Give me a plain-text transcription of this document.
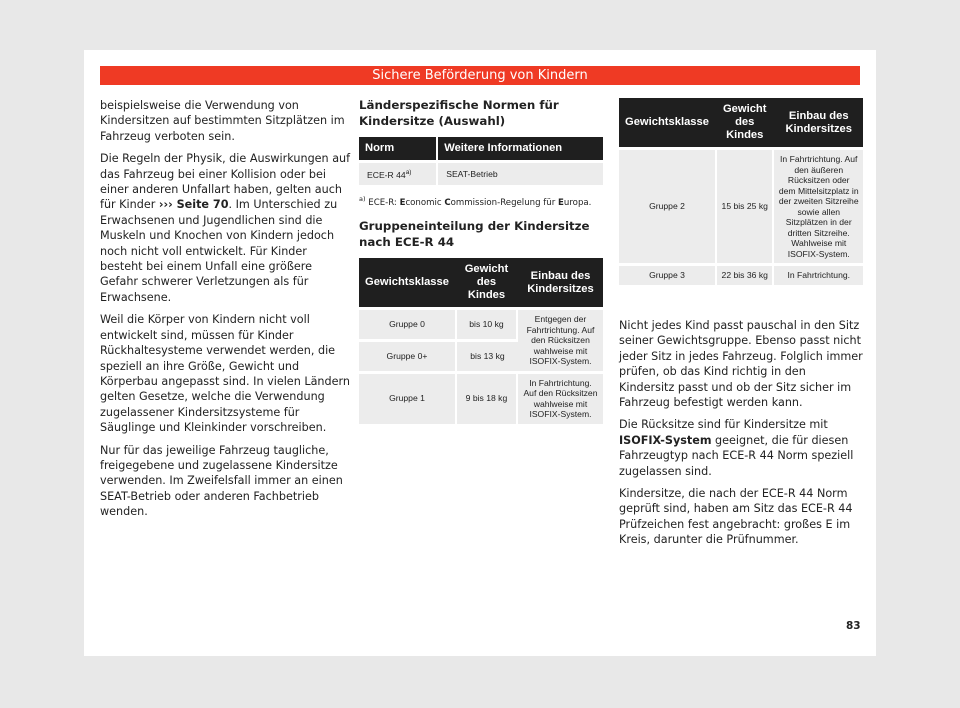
Sichere Beförderung von Kindern

beispielsweise die Verwendung von Kindersitzen auf bestimmten Sitzplätzen im Fahrzeug verboten sein.

Die Regeln der Physik, die Auswirkungen auf das Fahrzeug bei einer Kollision oder bei einer anderen Unfallart haben, gelten auch für Kinder ››› Seite 70. Im Unterschied zu Erwachsenen und Jugendlichen sind die Muskeln und Knochen von Kindern jedoch noch nicht voll entwickelt. Für Kinder besteht bei einem Unfall eine größere Gefahr schwerer Verletzungen als für Erwachsene.

Weil die Körper von Kindern nicht voll entwickelt sind, müssen für Kinder Rückhaltesysteme verwendet werden, die speziell an ihre Größe, Gewicht und Körperbau angepasst sind. In vielen Ländern gelten Gesetze, welche die Verwendung zugelassener Kindersitzsysteme für Säuglinge und Kleinkinder vorschreiben.

Nur für das jeweilige Fahrzeug taugliche, freigegebene und zugelassene Kindersitze verwenden. Im Zweifelsfall immer an einen SEAT-Betrieb oder anderen Fachbetrieb wenden.

Länderspezifische Normen für Kindersitze (Auswahl)
Norm	Weitere Informationen
ECE-R 44$^{a)}$	SEAT-Betrieb
$^{a)}$ ECE-R: Economic Commission-Regelung für Europa.
Gruppeneinteilung der Kindersitze nach ECE-R 44
Gewichtsklasse	Gewicht des Kindes	Einbau des Kindersitzes
Gruppe 0	bis 10 kg	Entgegen der Fahrtrichtung. Auf den Rücksitzen wahlweise mit ISOFIX-System.
Gruppe 0+	bis 13 kg	
Gruppe 1	9 bis 18 kg	In Fahrtrichtung. Auf den Rücksitzen wahlweise mit ISOFIX-System.
Gewichtsklasse	Gewicht des Kindes	Einbau des Kindersitzes
Gruppe 2	15 bis 25 kg	In Fahrtrichtung. Auf den äußeren Rücksitzen oder dem Mittelsitzplatz in der zweiten Sitzreihe sowie allen Sitzplätzen in der dritten Sitzreihe. Wahlweise mit ISOFIX-System.
Gruppe 3	22 bis 36 kg	In Fahrtrichtung.

Nicht jedes Kind passt pauschal in den Sitz seiner Gewichtsgruppe. Ebenso passt nicht jeder Sitz in jedes Fahrzeug. Folglich immer prüfen, ob das Kind richtig in den Kindersitz passt und ob der Sitz sicher im Fahrzeug befestigt werden kann.

Die Rücksitze sind für Kindersitze mit ISOFIX-System geeignet, die für diesen Fahrzeugtyp nach ECE-R 44 Norm speziell zugelassen sind.

Kindersitze, die nach der ECE-R 44 Norm geprüft sind, haben am Sitz das ECE-R 44 Prüfzeichen fest angebracht: großes E im Kreis, darunter die Prüfnummer.

83
